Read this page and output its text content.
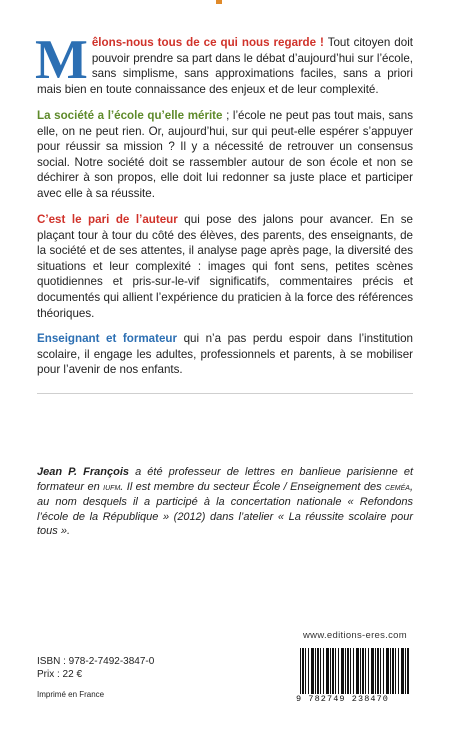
Mêlons-nous tous de ce qui nous regarde ! Tout citoyen doit pouvoir prendre sa part dans le débat d’aujourd’hui sur l’école, sans simplisme, sans approximations faciles, sans a priori mais bien en toute connaissance des enjeux et de leur complexité.
La société a l’école qu’elle mérite ; l’école ne peut pas tout mais, sans elle, on ne peut rien. Or, aujourd’hui, sur qui peut-elle espérer s’appuyer pour réussir sa mission ? Il y a nécessité de retrouver un consensus social. Notre société doit se rassembler autour de son école et non se déchirer à son propos, elle doit lui redonner sa juste place et participer avec elle à sa réussite.
C’est le pari de l’auteur qui pose des jalons pour avancer. En se plaçant tour à tour du côté des élèves, des parents, des enseignants, de la société et de ses attentes, il analyse page après page, la diversité des situations et leur complexité : images qui font sens, petites scènes quotidiennes et pris-sur-le-vif significatifs, commentaires précis et documentés qui allient l’expérience du praticien à la force des références théoriques.
Enseignant et formateur qui n’a pas perdu espoir dans l’institution scolaire, il engage les adultes, professionnels et parents, à se mobiliser pour l’avenir de nos enfants.
Jean P. François a été professeur de lettres en banlieue parisienne et formateur en iufm. Il est membre du secteur École / Enseignement des ceméa, au nom desquels il a participé à la concertation nationale « Refondons l’école de la République » (2012) dans l’atelier « La réussite scolaire pour tous ».
www.editions-eres.com
9 782749 238470
ISBN : 978-2-7492-3847-0
Prix : 22 €
Imprimé en France
